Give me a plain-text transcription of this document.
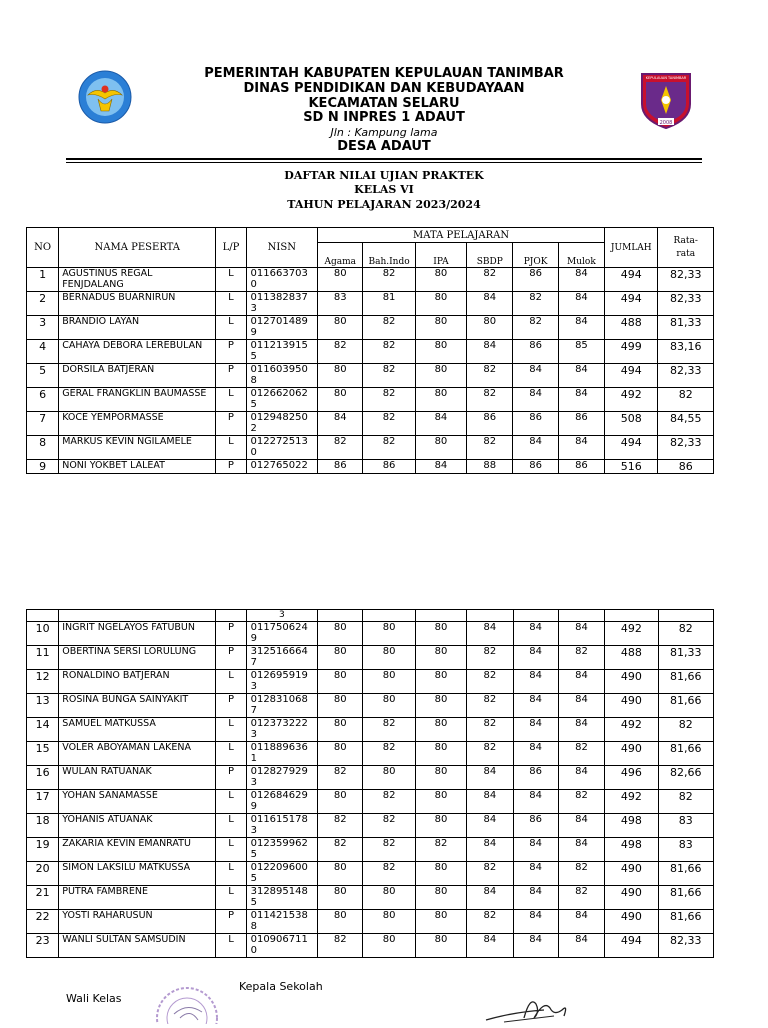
PEMERINTAH KABUPATEN KEPULAUAN TANIMBAR
DINAS PENDIDIKAN DAN KEBUDAYAAN
KECAMATAN SELARU
SD N INPRES 1 ADAUT
Jln : Kampung lama
DESA ADAUT
2008
KEPULAUAN TANIMBAR
DAFTAR NILAI UJIAN PRAKTEK
KELAS VI
TAHUN PELAJARAN 2023/2024
NO	NAMA PESERTA	L/P	NISN	MATA PELAJARAN						JUMLAH	Rata-
rata
				Agama	Bah.Indo	IPA	SBDP	PJOK	Mulok		
1	AGUSTINUS REGAL FENJDALANG	L	011663703 0	80	82	80	82	86	84	494	82,33
2	BERNADUS BUARNIRUN	L	011382837 3	83	81	80	84	82	84	494	82,33
3	BRANDIO LAYAN	L	012701489 9	80	82	80	80	82	84	488	81,33
4	CAHAYA DEBORA LEREBULAN	P	011213915 5	82	82	80	84	86	85	499	83,16
5	DORSILA BATJERAN	P	011603950 8	80	82	80	82	84	84	494	82,33
6	GERAL FRANGKLIN BAUMASSE	L	012662062 5	80	82	80	82	84	84	492	82
7	KOCE YEMPORMASSE	P	012948250 2	84	82	84	86	86	86	508	84,55
8	MARKUS KEVIN NGILAMELE	L	012272513 0	82	82	80	82	84	84	494	82,33
9	NONI YOKBET LALEAT	P	012765022	86	86	84	88	86	86	516	86
			3								
10	INGRIT NGELAYOS FATUBUN	P	011750624 9	80	80	80	84	84	84	492	82
11	OBERTINA SERSI LORULUNG	P	312516664 7	80	80	80	82	84	82	488	81,33
12	RONALDINO BATJERAN	L	012695919 3	80	80	80	82	84	84	490	81,66
13	ROSINA BUNGA SAINYAKIT	P	012831068 7	80	80	80	82	84	84	490	81,66
14	SAMUEL MATKUSSA	L	012373222 3	80	82	80	82	84	84	492	82
15	VOLER ABOYAMAN LAKENA	L	011889636 1	80	82	80	82	84	82	490	81,66
16	WULAN RATUANAK	P	012827929 3	82	80	80	84	86	84	496	82,66
17	YOHAN SANAMASSE	L	012684629 9	80	82	80	84	84	82	492	82
18	YOHANIS ATUANAK	L	011615178 3	82	82	80	84	86	84	498	83
19	ZAKARIA KEVIN EMANRATU	L	012359962 5	82	82	82	84	84	84	498	83
20	SIMON LAKSILU MATKUSSA	L	012209600 5	80	82	80	82	84	82	490	81,66
21	PUTRA FAMBRENE	L	312895148 5	80	80	80	84	84	82	490	81,66
22	YOSTI RAHARUSUN	P	011421538 8	80	80	80	82	84	84	490	81,66
23	WANLI SULTAN SAMSUDIN	L	010906711 0	82	80	80	84	84	84	494	82,33
Wali Kelas
Kepala Sekolah
